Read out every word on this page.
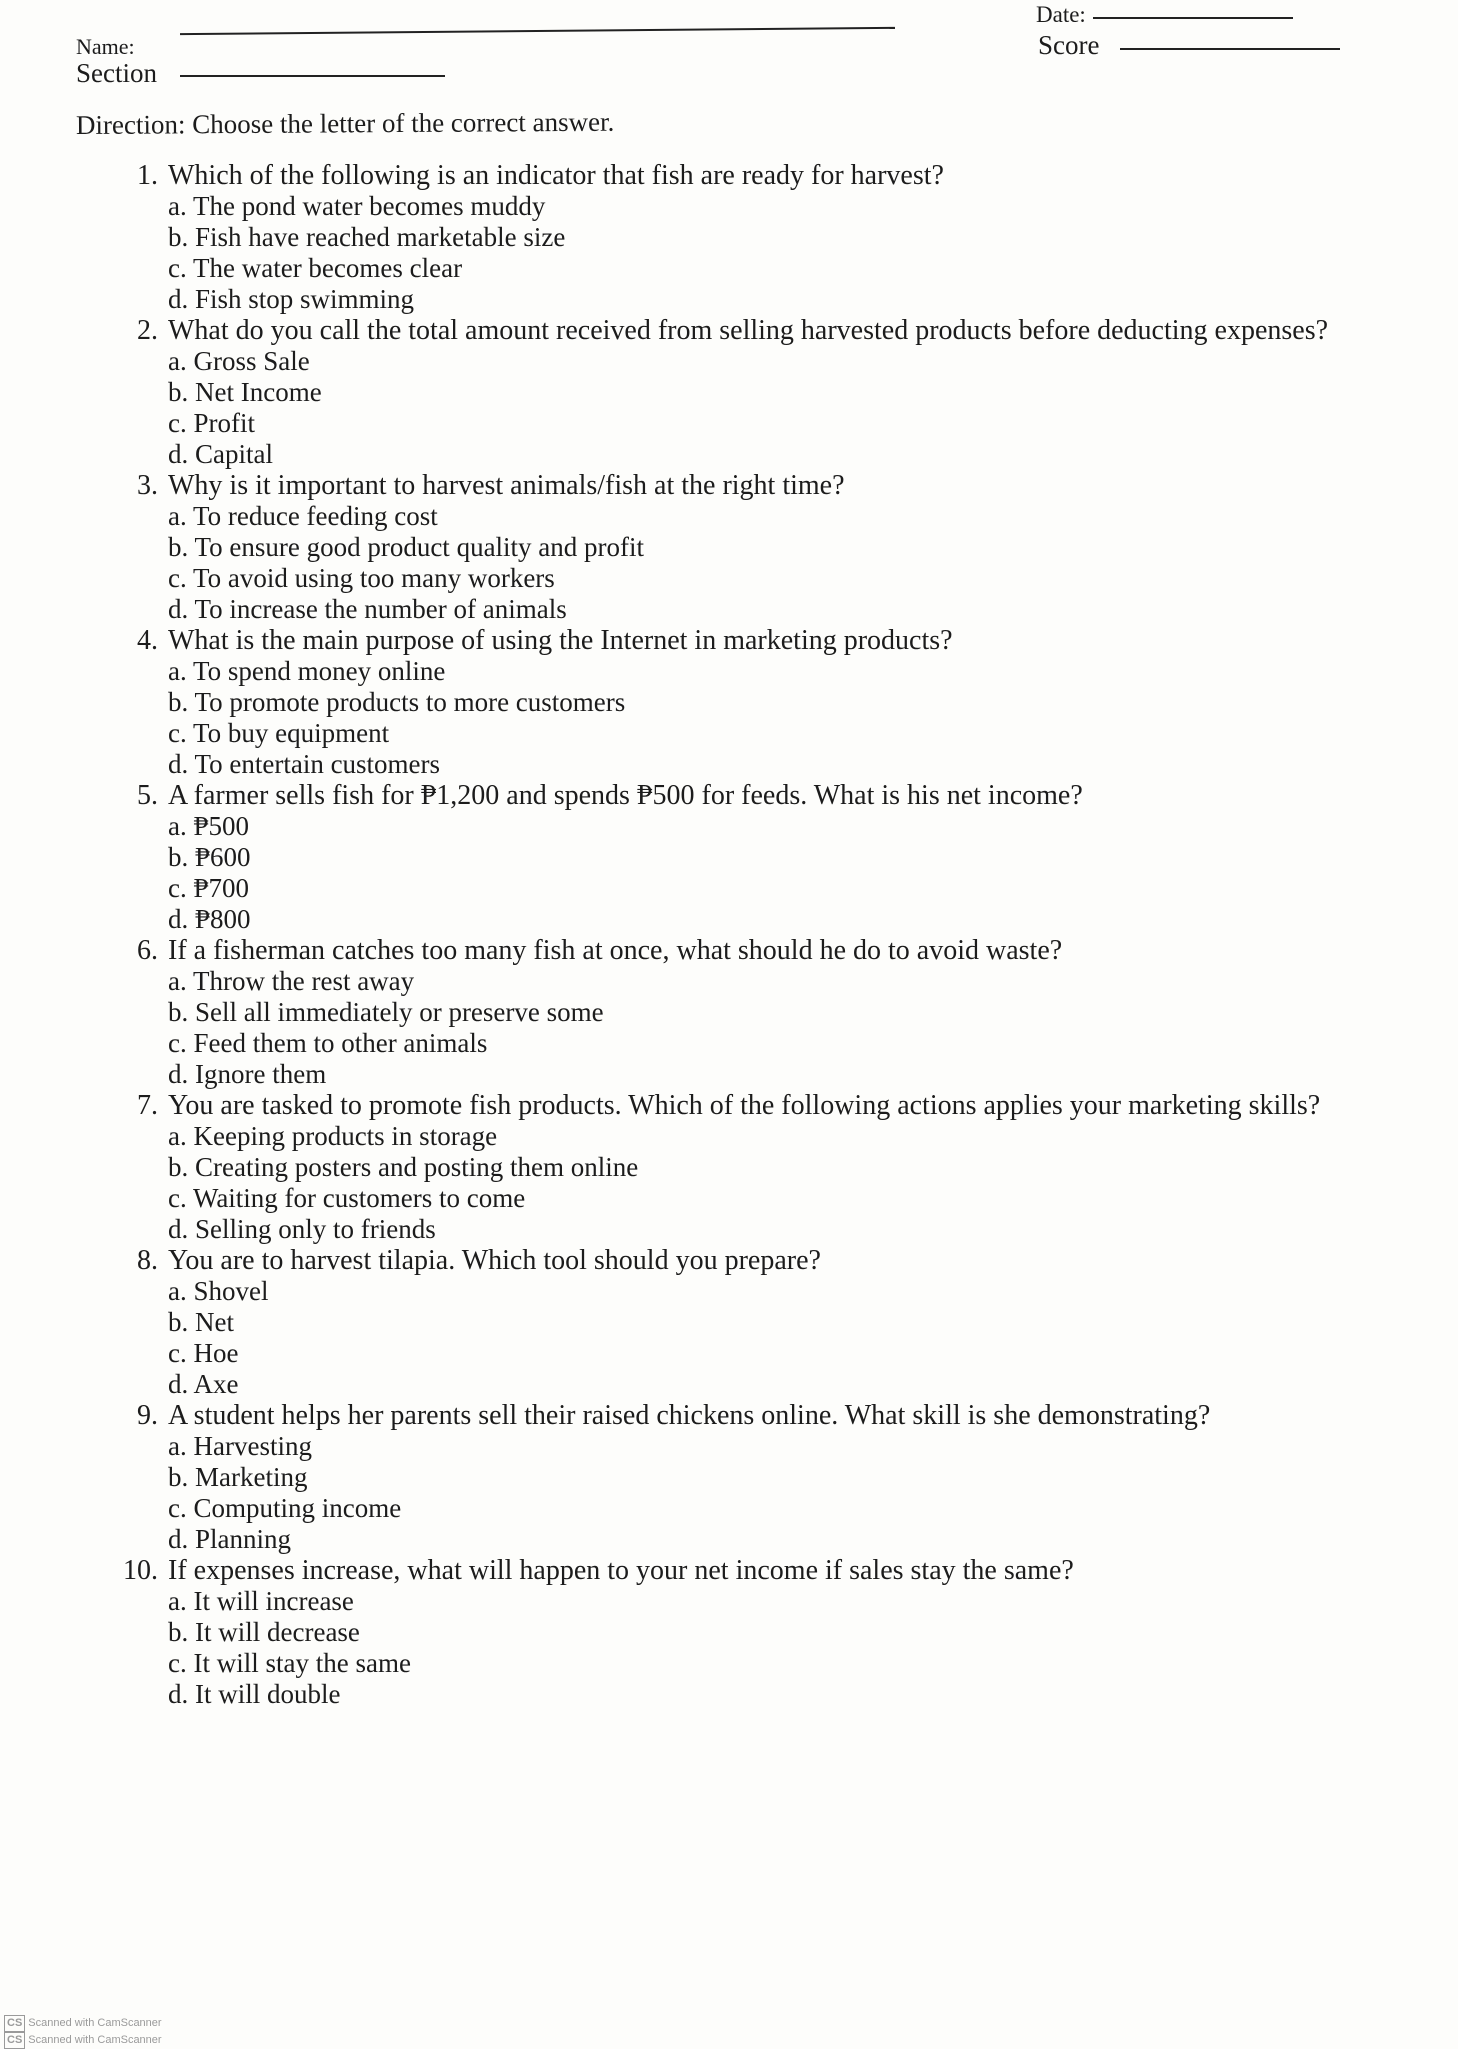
Name:
Section
Date:
Score
Direction: Choose the letter of the correct answer.
1. Which of the following is an indicator that fish are ready for harvest?
a. The pond water becomes muddy
b. Fish have reached marketable size
c. The water becomes clear
d. Fish stop swimming
2. What do you call the total amount received from selling harvested products before deducting expenses?
a. Gross Sale
b. Net Income
c. Profit
d. Capital
3. Why is it important to harvest animals/fish at the right time?
a. To reduce feeding cost
b. To ensure good product quality and profit
c. To avoid using too many workers
d. To increase the number of animals
4. What is the main purpose of using the Internet in marketing products?
a. To spend money online
b. To promote products to more customers
c. To buy equipment
d. To entertain customers
5. A farmer sells fish for ₱1,200 and spends ₱500 for feeds. What is his net income?
a. ₱500
b. ₱600
c. ₱700
d. ₱800
6. If a fisherman catches too many fish at once, what should he do to avoid waste?
a. Throw the rest away
b. Sell all immediately or preserve some
c. Feed them to other animals
d. Ignore them
7. You are tasked to promote fish products. Which of the following actions applies your marketing skills?
a. Keeping products in storage
b. Creating posters and posting them online
c. Waiting for customers to come
d. Selling only to friends
8. You are to harvest tilapia. Which tool should you prepare?
a. Shovel
b. Net
c. Hoe
d. Axe
9. A student helps her parents sell their raised chickens online. What skill is she demonstrating?
a. Harvesting
b. Marketing
c. Computing income
d. Planning
10. If expenses increase, what will happen to your net income if sales stay the same?
a. It will increase
b. It will decrease
c. It will stay the same
d. It will double
CS Scanned with CamScanner
CS Scanned with CamScanner
